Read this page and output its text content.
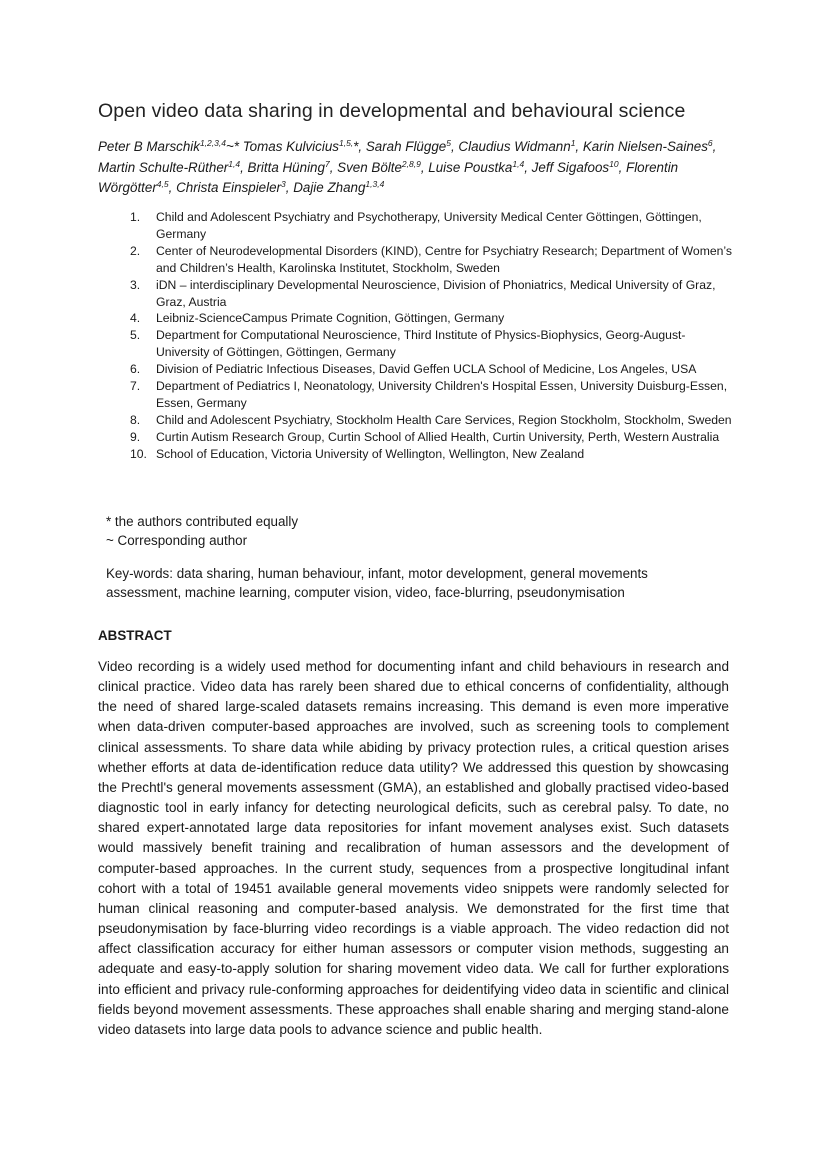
Open video data sharing in developmental and behavioural science
Peter B Marschik$^{1,2,3,4}$~* Tomas Kulvicius$^{1,5,}$*, Sarah Flügge$^5$, Claudius Widmann$^1$, Karin Nielsen-Saines$^6$, Martin Schulte-Rüther$^{1,4}$, Britta Hüning$^7$, Sven Bölte$^{2,8,9}$, Luise Poustka$^{1,4}$, Jeff Sigafoos$^{10}$, Florentin Wörgötter$^{4,5}$, Christa Einspieler$^3$, Dajie Zhang$^{1,3,4}$
1. Child and Adolescent Psychiatry and Psychotherapy, University Medical Center Göttingen, Göttingen, Germany
2. Center of Neurodevelopmental Disorders (KIND), Centre for Psychiatry Research; Department of Women’s and Children’s Health, Karolinska Institutet, Stockholm, Sweden
3. iDN – interdisciplinary Developmental Neuroscience, Division of Phoniatrics, Medical University of Graz, Graz, Austria
4. Leibniz-ScienceCampus Primate Cognition, Göttingen, Germany
5. Department for Computational Neuroscience, Third Institute of Physics-Biophysics, Georg-August-University of Göttingen, Göttingen, Germany
6. Division of Pediatric Infectious Diseases, David Geffen UCLA School of Medicine, Los Angeles, USA
7. Department of Pediatrics I, Neonatology, University Children's Hospital Essen, University Duisburg-Essen, Essen, Germany
8. Child and Adolescent Psychiatry, Stockholm Health Care Services, Region Stockholm, Stockholm, Sweden
9. Curtin Autism Research Group, Curtin School of Allied Health, Curtin University, Perth, Western Australia
10. School of Education, Victoria University of Wellington, Wellington, New Zealand
* the authors contributed equally
~ Corresponding author
Key-words: data sharing, human behaviour, infant, motor development, general movements assessment, machine learning, computer vision, video, face-blurring, pseudonymisation
ABSTRACT
Video recording is a widely used method for documenting infant and child behaviours in research and clinical practice. Video data has rarely been shared due to ethical concerns of confidentiality, although the need of shared large-scaled datasets remains increasing. This demand is even more imperative when data-driven computer-based approaches are involved, such as screening tools to complement clinical assessments. To share data while abiding by privacy protection rules, a critical question arises whether efforts at data de-identification reduce data utility? We addressed this question by showcasing the Prechtl's general movements assessment (GMA), an established and globally practised video-based diagnostic tool in early infancy for detecting neurological deficits, such as cerebral palsy. To date, no shared expert-annotated large data repositories for infant movement analyses exist. Such datasets would massively benefit training and recalibration of human assessors and the development of computer-based approaches. In the current study, sequences from a prospective longitudinal infant cohort with a total of 19451 available general movements video snippets were randomly selected for human clinical reasoning and computer-based analysis. We demonstrated for the first time that pseudonymisation by face-blurring video recordings is a viable approach. The video redaction did not affect classification accuracy for either human assessors or computer vision methods, suggesting an adequate and easy-to-apply solution for sharing movement video data. We call for further explorations into efficient and privacy rule-conforming approaches for deidentifying video data in scientific and clinical fields beyond movement assessments. These approaches shall enable sharing and merging stand-alone video datasets into large data pools to advance science and public health.
